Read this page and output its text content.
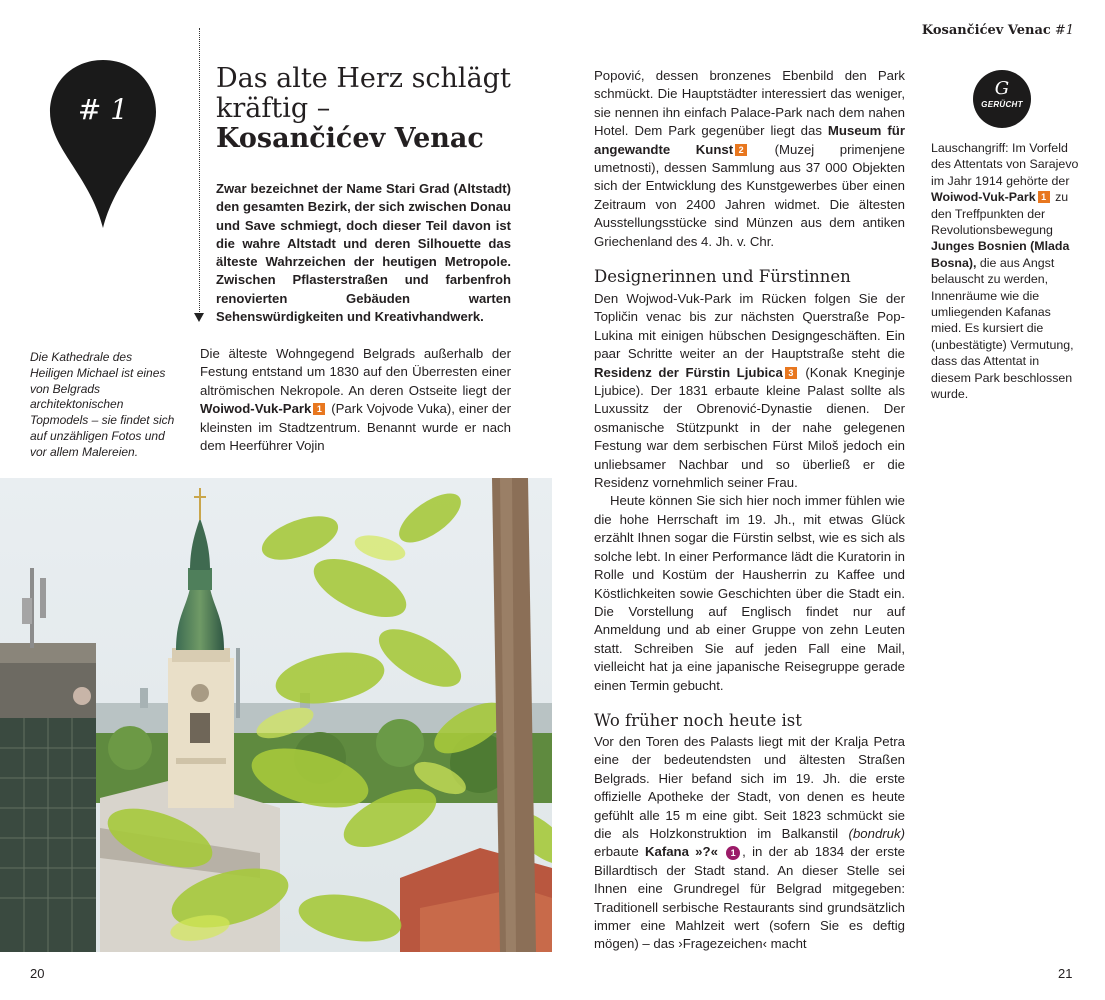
Kosančićev Venac #1
# 1
Das alte Herz schlägt kräftig –
Kosančićev Venac
Zwar bezeichnet der Name Stari Grad (Altstadt) den gesamten Bezirk, der sich zwischen Donau und Save schmiegt, doch dieser Teil davon ist die wahre Altstadt und deren Silhouette das älteste Wahrzeichen der heutigen Metropole. Zwischen Pflasterstraßen und farbenfroh renovierten Gebäuden warten Sehenswürdigkeiten und Kreativhandwerk.
Die Kathedrale des Heiligen Michael ist eines von Belgrads architektonischen Topmodels – sie findet sich auf unzähligen Fotos und vor allem Malereien.
Die älteste Wohngegend Belgrads außerhalb der Festung entstand um 1830 auf den Überresten einer altrömischen Nekropole. An deren Ostseite liegt der Woiwod-Vuk-Park 1 (Park Vojvode Vuka), einer der kleinsten im Stadtzentrum. Benannt wurde er nach dem Heerführer Vojin
Popović, dessen bronzenes Ebenbild den Park schmückt. Die Hauptstädter interessiert das weniger, sie nennen ihn einfach Palace-Park nach dem nahen Hotel. Dem Park gegenüber liegt das Museum für angewandte Kunst 2 (Muzej primenjene umetnosti), dessen Sammlung aus 37 000 Objekten sich der Entwicklung des Kunstgewerbes über einen Zeitraum von 2400 Jahren widmet. Die ältesten Ausstellungsstücke sind Münzen aus dem antiken Griechenland des 4. Jh. v. Chr.
Designerinnen und Fürstinnen
Den Wojwod-Vuk-Park im Rücken folgen Sie der Topličin venac bis zur nächsten Querstraße Pop-Lukina mit einigen hübschen Designgeschäften. Ein paar Schritte weiter an der Hauptstraße steht die Residenz der Fürstin Ljubica 3 (Konak Kneginje Ljubice). Der 1831 erbaute kleine Palast sollte als Luxussitz der Obrenović-Dynastie dienen. Der osmanische Stützpunkt in der nahe gelegenen Festung war dem serbischen Fürst Miloš jedoch ein unliebsamer Nachbar und so überließ er die Residenz vornehmlich seiner Frau.
Heute können Sie sich hier noch immer fühlen wie die hohe Herrschaft im 19. Jh., mit etwas Glück erzählt Ihnen sogar die Fürstin selbst, wie es sich als solche lebt. In einer Performance lädt die Kuratorin in Rolle und Kostüm der Hausherrin zu Kaffee und Köstlichkeiten sowie Geschichten über die Stadt ein. Die Vorstellung auf Englisch findet nur auf Anmeldung und ab einer Gruppe von zehn Leuten statt. Schreiben Sie auf jeden Fall eine Mail, vielleicht hat ja eine japanische Reisegruppe gerade einen Termin gebucht.
Wo früher noch heute ist
Vor den Toren des Palasts liegt mit der Kralja Petra eine der bedeutendsten und ältesten Straßen Belgrads. Hier befand sich im 19. Jh. die erste offizielle Apotheke der Stadt, von denen es heute gefühlt alle 15 m eine gibt. Seit 1823 schmückt sie die als Holzkonstruktion im Balkanstil (bondruk) erbaute Kafana »?« 1 , in der ab 1834 der erste Billardtisch der Stadt stand. An dieser Stelle sei Ihnen eine Grundregel für Belgrad mitgegeben: Traditionell serbische Restaurants sind grundsätzlich immer eine Mahlzeit wert (sofern Sie es deftig mögen) – das ›Fragezeichen‹ macht
G
GERÜCHT
Lauschangriff: Im Vorfeld des Attentats von Sarajevo im Jahr 1914 gehörte der Woiwod-Vuk-Park 1 zu den Treffpunkten der Revolutionsbewegung Junges Bosnien (Mlada Bosna), die aus Angst belauscht zu werden, Innenräume wie die umliegenden Kafanas mied. Es kursiert die (unbestätigte) Vermutung, dass das Attentat in diesem Park beschlossen wurde.
20	21
